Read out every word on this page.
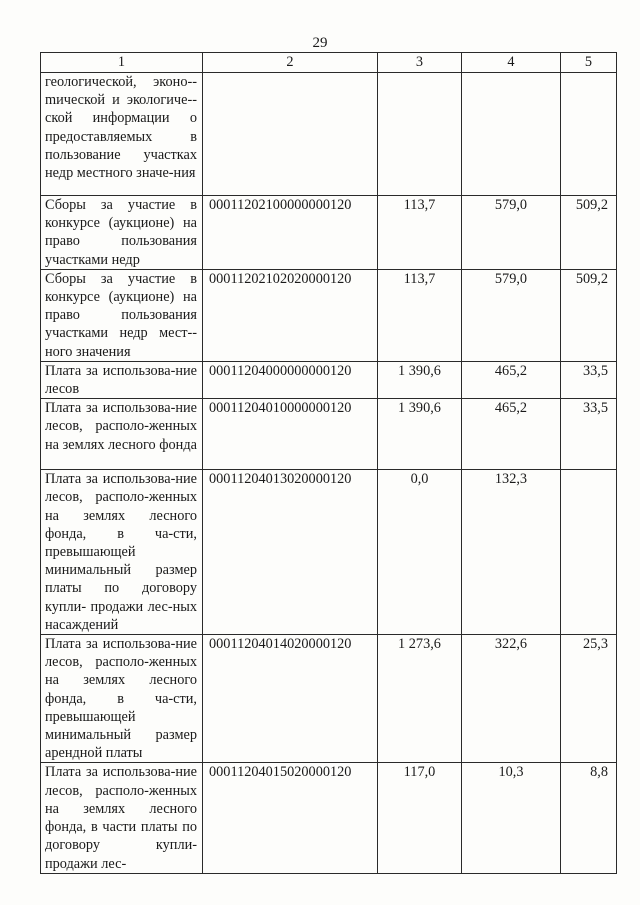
29
1	2	3	4	5
геологической, эконо-mической и экологиче-ской информации о предоставляемых в пользование участках недр местного значе-ния				
Сборы за участие в конкурсе (аукционе) на право пользования участками недр	00011202100000000120	113,7	579,0	509,2
Сборы за участие в конкурсе (аукционе) на право пользования участками недр мест-ного значения	00011202102020000120	113,7	579,0	509,2
Плата за использова-ние лесов	00011204000000000120	1 390,6	465,2	33,5
Плата за использова-ние лесов, располо-женных на землях лесного фонда	00011204010000000120	1 390,6	465,2	33,5
Плата за использова-ние лесов, располо-женных на землях лесного фонда, в ча-сти, превышающей минимальный размер платы по договору купли- продажи лес-ных насаждений	00011204013020000120	0,0	132,3	
Плата за использова-ние лесов, располо-женных на землях лесного фонда, в ча-сти, превышающей минимальный размер арендной платы	00011204014020000120	1 273,6	322,6	25,3
Плата за использова-ние лесов, располо-женных на землях лесного фонда, в части платы по договору купли-продажи лес-	00011204015020000120	117,0	10,3	8,8
